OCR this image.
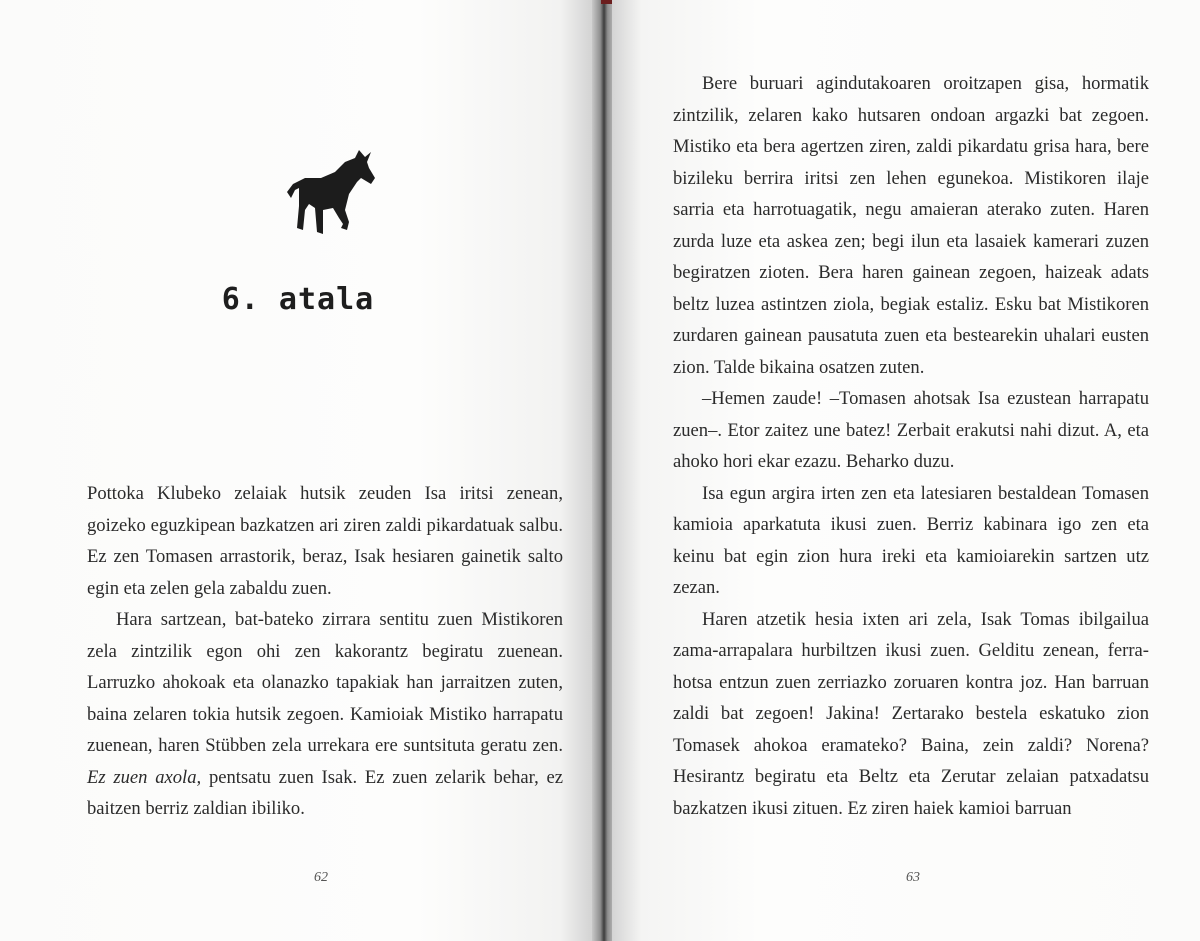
6. atala

Pottoka Klubeko zelaiak hutsik zeuden Isa iritsi zenean, goizeko eguzkipean bazkatzen ari ziren zaldi pikardatuak salbu. Ez zen Tomasen arrastorik, beraz, Isak hesiaren gainetik salto egin eta zelen gela zabaldu zuen.

Hara sartzean, bat-bateko zirrara sentitu zuen Mistikoren zela zintzilik egon ohi zen kakorantz begiratu zuenean. Larruzko ahokoak eta olanazko tapakiak han jarraitzen zuten, baina zelaren tokia hutsik zegoen. Kamioiak Mistiko harrapatu zuenean, haren Stübben zela urrekara ere suntsituta geratu zen. Ez zuen axola, pentsatu zuen Isak. Ez zuen zelarik behar, ez baitzen berriz zaldian ibiliko.

62

Bere buruari agindutakoaren oroitzapen gisa, hormatik zintzilik, zelaren kako hutsaren ondoan argazki bat zegoen. Mistiko eta bera agertzen ziren, zaldi pikardatu grisa hara, bere bizileku berrira iritsi zen lehen egunekoa. Mistikoren ilaje sarria eta harrotuagatik, negu amaieran aterako zuten. Haren zurda luze eta askea zen; begi ilun eta lasaiek kamerari zuzen begiratzen zioten. Bera haren gainean zegoen, haizeak adats beltz luzea astintzen ziola, begiak estaliz. Esku bat Mistikoren zurdaren gainean pausatuta zuen eta bestearekin uhalari eusten zion. Talde bikaina osatzen zuten.

–Hemen zaude! –Tomasen ahotsak Isa ezustean harrapatu zuen–. Etor zaitez une batez! Zerbait erakutsi nahi dizut. A, eta ahoko hori ekar ezazu. Beharko duzu.

Isa egun argira irten zen eta latesiaren bestaldean Tomasen kamioia aparkatuta ikusi zuen. Berriz kabinara igo zen eta keinu bat egin zion hura ireki eta kamioiarekin sartzen utz zezan.

Haren atzetik hesia ixten ari zela, Isak Tomas ibilgailua zama-arrapalara hurbiltzen ikusi zuen. Gelditu zenean, ferra-hotsa entzun zuen zerriazko zoruaren kontra joz. Han barruan zaldi bat zegoen! Jakina! Zertarako bestela eskatuko zion Tomasek ahokoa eramateko? Baina, zein zaldi? Norena? Hesirantz begiratu eta Beltz eta Zerutar zelaian patxadatsu bazkatzen ikusi zituen. Ez ziren haiek kamioi barruan

63
